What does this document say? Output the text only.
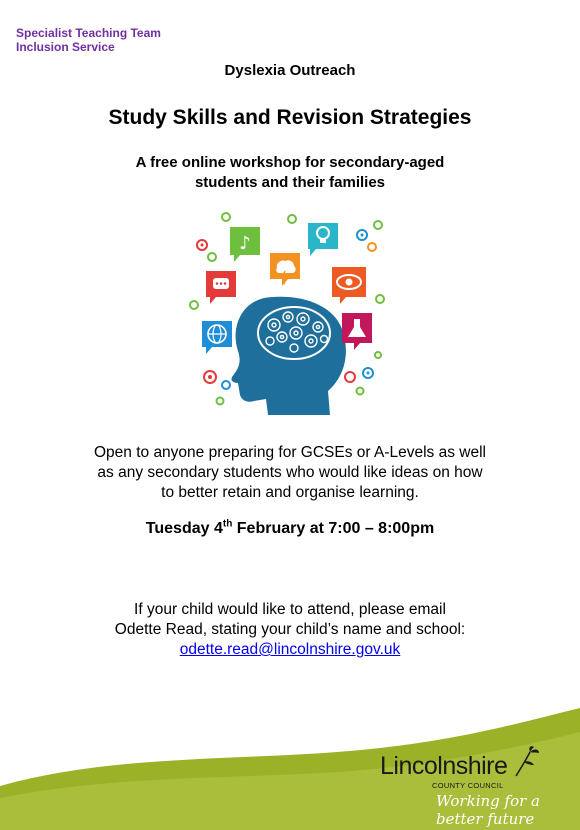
Specialist Teaching Team
Inclusion Service
Dyslexia Outreach
Study Skills and Revision Strategies
A free online workshop for secondary-aged
students and their families
♪
Open to anyone preparing for GCSEs or A-Levels as well
as any secondary students who would like ideas on how
to better retain and organise learning.
Tuesday 4th February at 7:00 – 8:00pm
If your child would like to attend, please email
Odette Read, stating your child’s name and school:
odette.read@lincolnshire.gov.uk
Lincolnshire
COUNTY COUNCIL
Working for a better future
